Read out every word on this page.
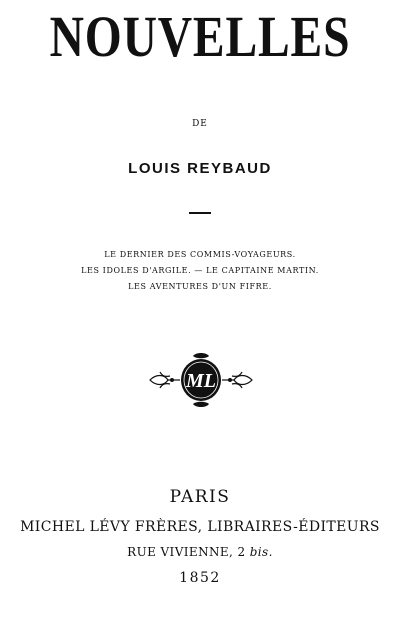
NOUVELLES
DE
LOUIS REYBAUD
LE DERNIER DES COMMIS-VOYAGEURS.
LES IDOLES D'ARGILE. — LE CAPITAINE MARTIN.
LES AVENTURES D'UN FIFRE.
ML
PARIS
MICHEL LÉVY FRÈRES, LIBRAIRES-ÉDITEURS
RUE VIVIENNE, 2 bis.
1852
